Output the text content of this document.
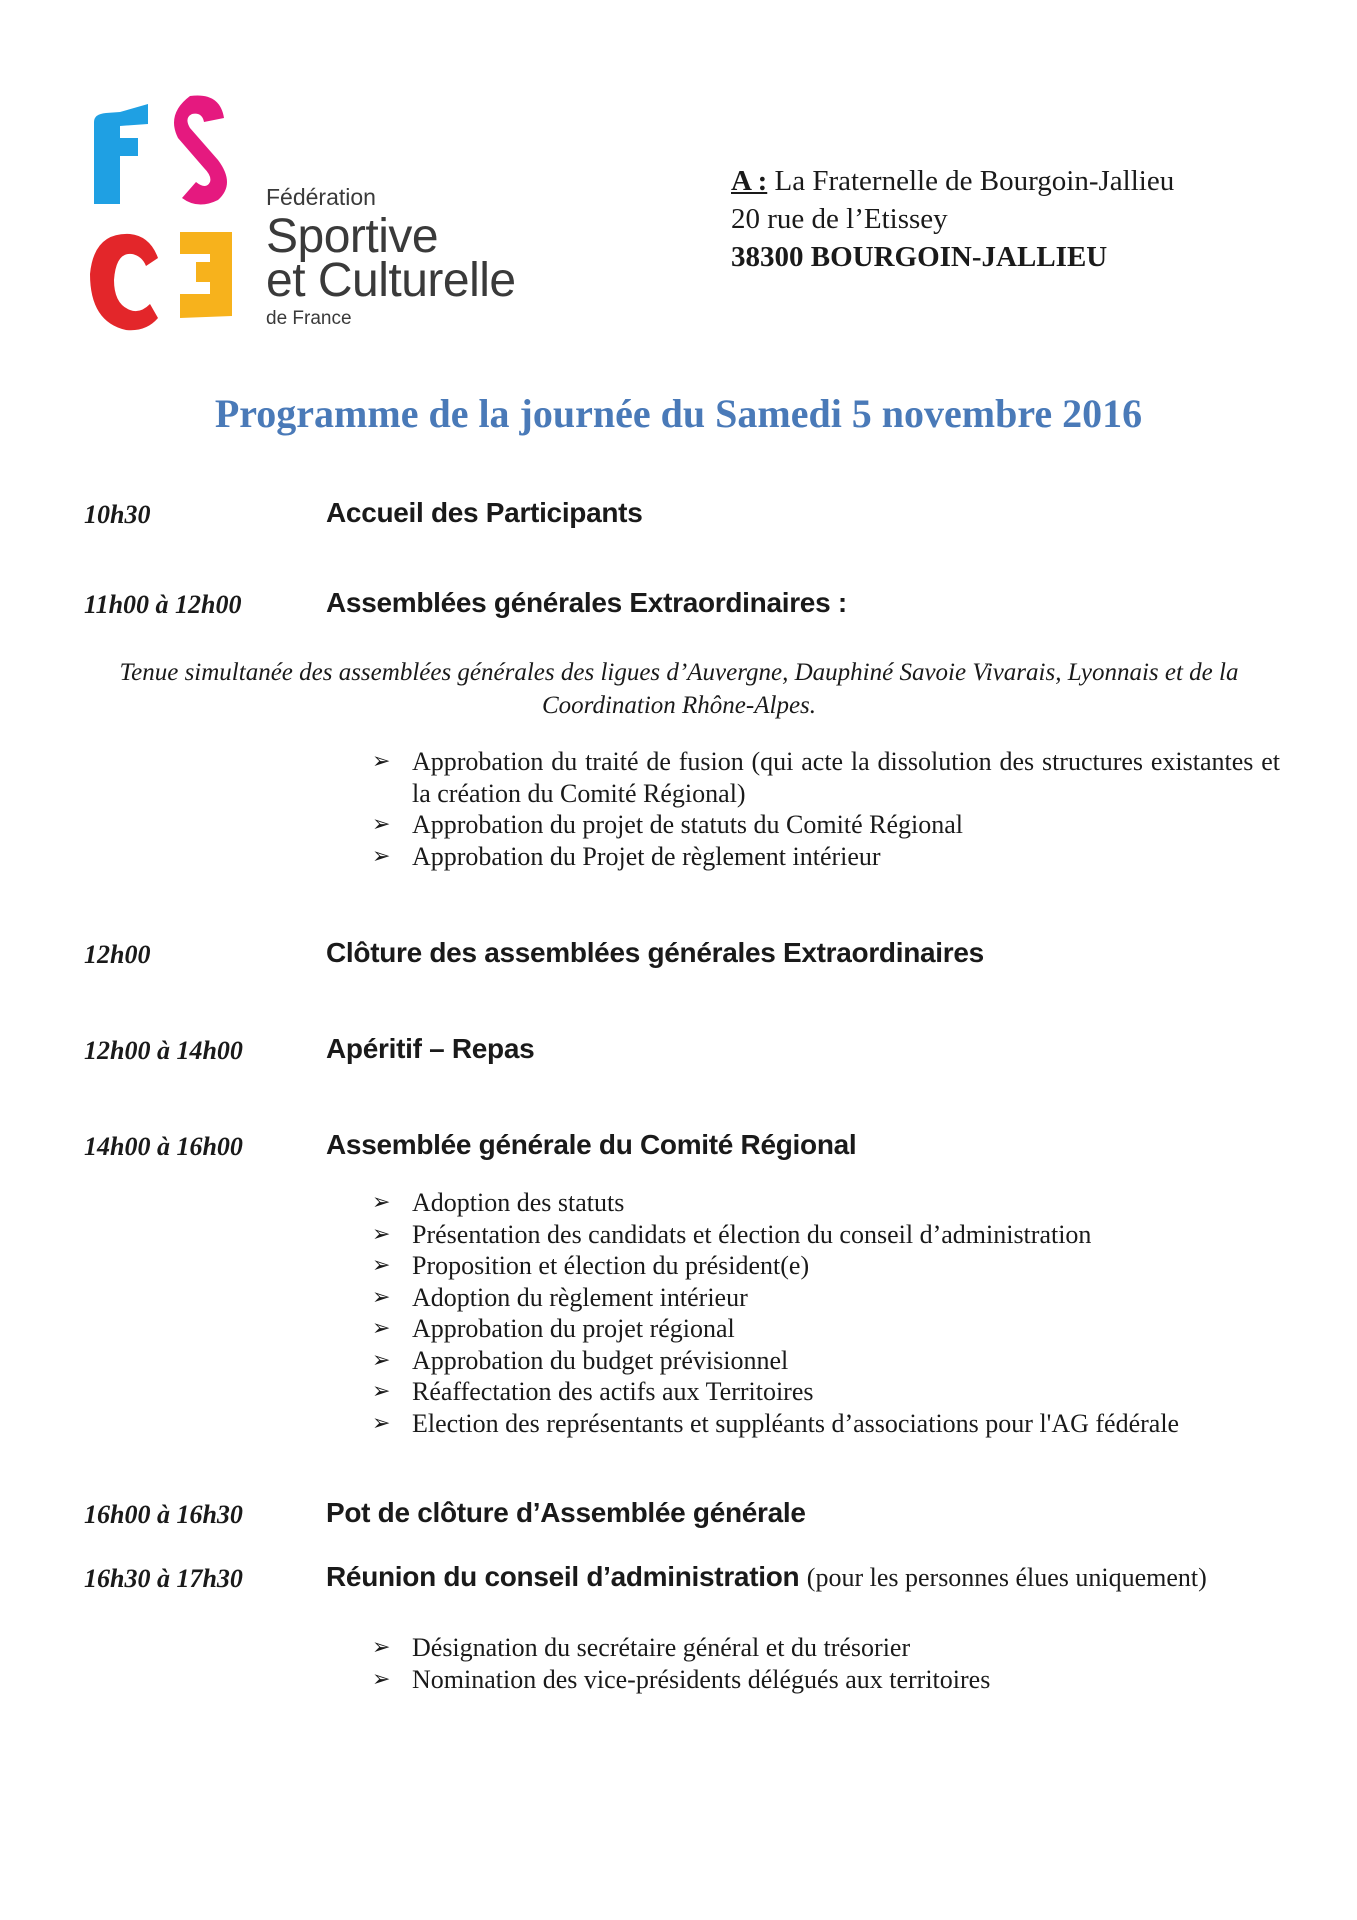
Fédération
Sportive
et Culturelle
de France
A : La Fraternelle de Bourgoin-Jallieu
20 rue de l’Etissey
38300 BOURGOIN-JALLIEU
Programme de la journée du Samedi 5 novembre 2016
10h30	Accueil des Participants
11h00 à 12h00	Assemblées générales Extraordinaires :
Tenue simultanée des assemblées générales des ligues d’Auvergne, Dauphiné Savoie Vivarais, Lyonnais et de la Coordination Rhône-Alpes.
➢ Approbation du traité de fusion (qui acte la dissolution des structures existantes et la création du Comité Régional)
➢ Approbation du projet de statuts du Comité Régional
➢ Approbation du Projet de règlement intérieur
12h00	Clôture des assemblées générales Extraordinaires
12h00 à 14h00	Apéritif – Repas
14h00 à 16h00	Assemblée générale du Comité Régional
➢ Adoption des statuts
➢ Présentation des candidats et élection du conseil d’administration
➢ Proposition et élection du président(e)
➢ Adoption du règlement intérieur
➢ Approbation du projet régional
➢ Approbation du budget prévisionnel
➢ Réaffectation des actifs aux Territoires
➢ Election des représentants et suppléants d’associations pour l'AG fédérale
16h00 à 16h30	Pot de clôture d’Assemblée générale
16h30 à 17h30	Réunion du conseil d’administration (pour les personnes élues uniquement)
➢ Désignation du secrétaire général et du trésorier
➢ Nomination des vice-présidents délégués aux territoires
